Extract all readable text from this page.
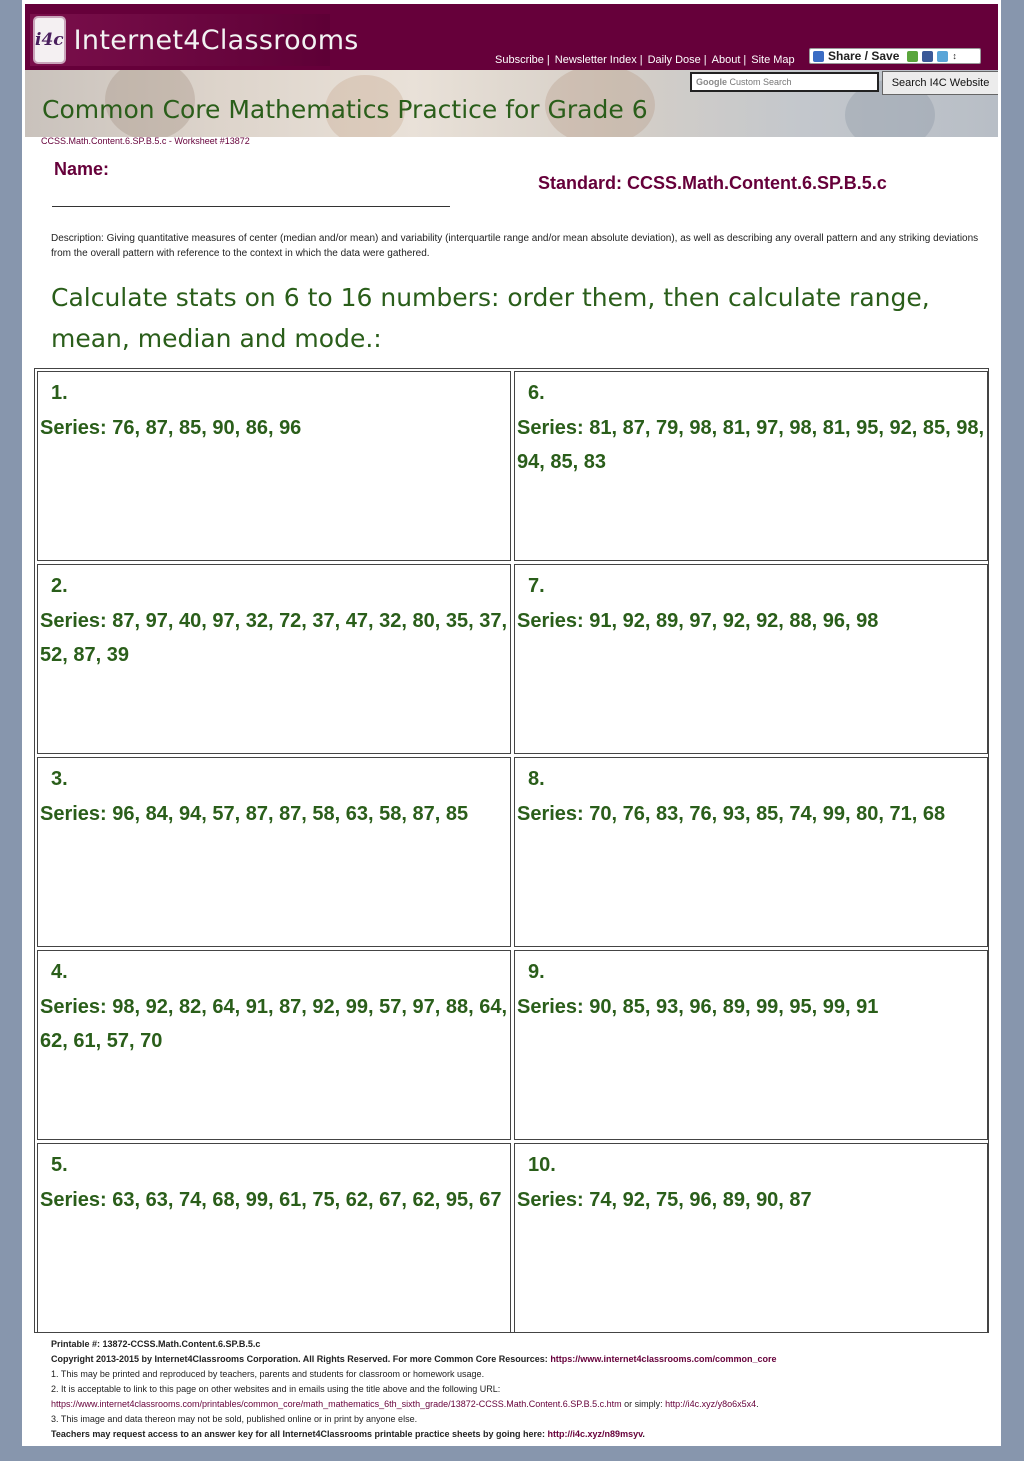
i4c Internet4Classrooms
Subscribe | Newsletter Index | Daily Dose | About | Site Map	Share / Save	↕
Common Core Mathematics Practice for Grade 6
Google Custom Search	Search I4C Website
CCSS.Math.Content.6.SP.B.5.c - Worksheet #13872
Name:
Standard: CCSS.Math.Content.6.SP.B.5.c
Description: Giving quantitative measures of center (median and/or mean) and variability (interquartile range and/or mean absolute deviation), as well as describing any overall pattern and any striking deviations from the overall pattern with reference to the context in which the data were gathered.
Calculate stats on 6 to 16 numbers: order them, then calculate range, mean, median and mode.:
1.
Series: 76, 87, 85, 90, 86, 96
6.
Series: 81, 87, 79, 98, 81, 97, 98, 81, 95, 92, 85, 98, 94, 85, 83
2.
Series: 87, 97, 40, 97, 32, 72, 37, 47, 32, 80, 35, 37, 52, 87, 39
7.
Series: 91, 92, 89, 97, 92, 92, 88, 96, 98
3.
Series: 96, 84, 94, 57, 87, 87, 58, 63, 58, 87, 85
8.
Series: 70, 76, 83, 76, 93, 85, 74, 99, 80, 71, 68
4.
Series: 98, 92, 82, 64, 91, 87, 92, 99, 57, 97, 88, 64, 62, 61, 57, 70
9.
Series: 90, 85, 93, 96, 89, 99, 95, 99, 91
5.
Series: 63, 63, 74, 68, 99, 61, 75, 62, 67, 62, 95, 67
10.
Series: 74, 92, 75, 96, 89, 90, 87
Printable #: 13872-CCSS.Math.Content.6.SP.B.5.c
Copyright 2013-2015 by Internet4Classrooms Corporation. All Rights Reserved. For more Common Core Resources: https://www.internet4classrooms.com/common_core
1. This may be printed and reproduced by teachers, parents and students for classroom or homework usage.
2. It is acceptable to link to this page on other websites and in emails using the title above and the following URL:
https://www.internet4classrooms.com/printables/common_core/math_mathematics_6th_sixth_grade/13872-CCSS.Math.Content.6.SP.B.5.c.htm or simply: http://i4c.xyz/y8o6x5x4.
3. This image and data thereon may not be sold, published online or in print by anyone else.
Teachers may request access to an answer key for all Internet4Classrooms printable practice sheets by going here: http://i4c.xyz/n89msyv.
